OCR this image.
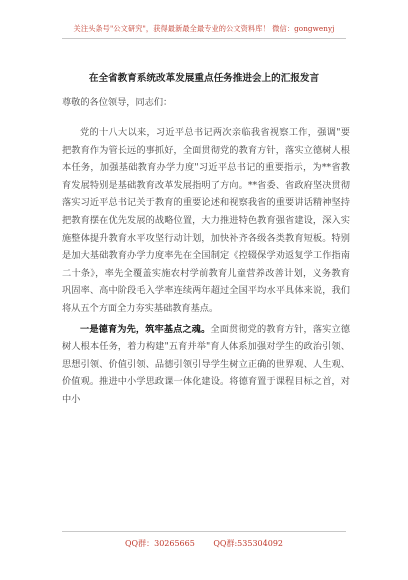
关注头条号"公文研究"，获得最新最全最专业的公文资料库！ 微信：gongwenyj
在全省教育系统改革发展重点任务推进会上的汇报发言
尊敬的各位领导，同志们：

党的十八大以来，习近平总书记两次亲临我省视察工作，强调"要把教育作为管长远的事抓好，全面贯彻党的教育方针，落实立德树人根本任务，加强基础教育办学力度"习近平总书记的重要指示，为**省教育发展特别是基础教育改革发展指明了方向。**省委、省政府坚决贯彻落实习近平总书记关于教育的重要论述和视察我省的重要讲话精神坚持把教育摆在优先发展的战略位置，大力推进特色教育强省建设，深入实施整体提升教育水平攻坚行动计划，加快补齐各级各类教育短板。特别是加大基础教育办学力度率先在全国制定《控辍保学劝返复学工作指南二十条》，率先全覆盖实施农村学前教育儿童营养改善计划，义务教育巩固率、高中阶段毛入学率连续两年超过全国平均水平具体来说，我们将从五个方面全力夯实基础教育基点。

一是德育为先，筑牢基点之魂。全面贯彻党的教育方针，落实立德树人根本任务，着力构建"五育并举"育人体系加强对学生的政治引领、思想引领、价值引领、品德引领引导学生树立正确的世界观、人生观、价值观。推进中小学思政课一体化建设。将德育置于课程目标之首，对中小

QQ群：30265665 QQ群:535304092
